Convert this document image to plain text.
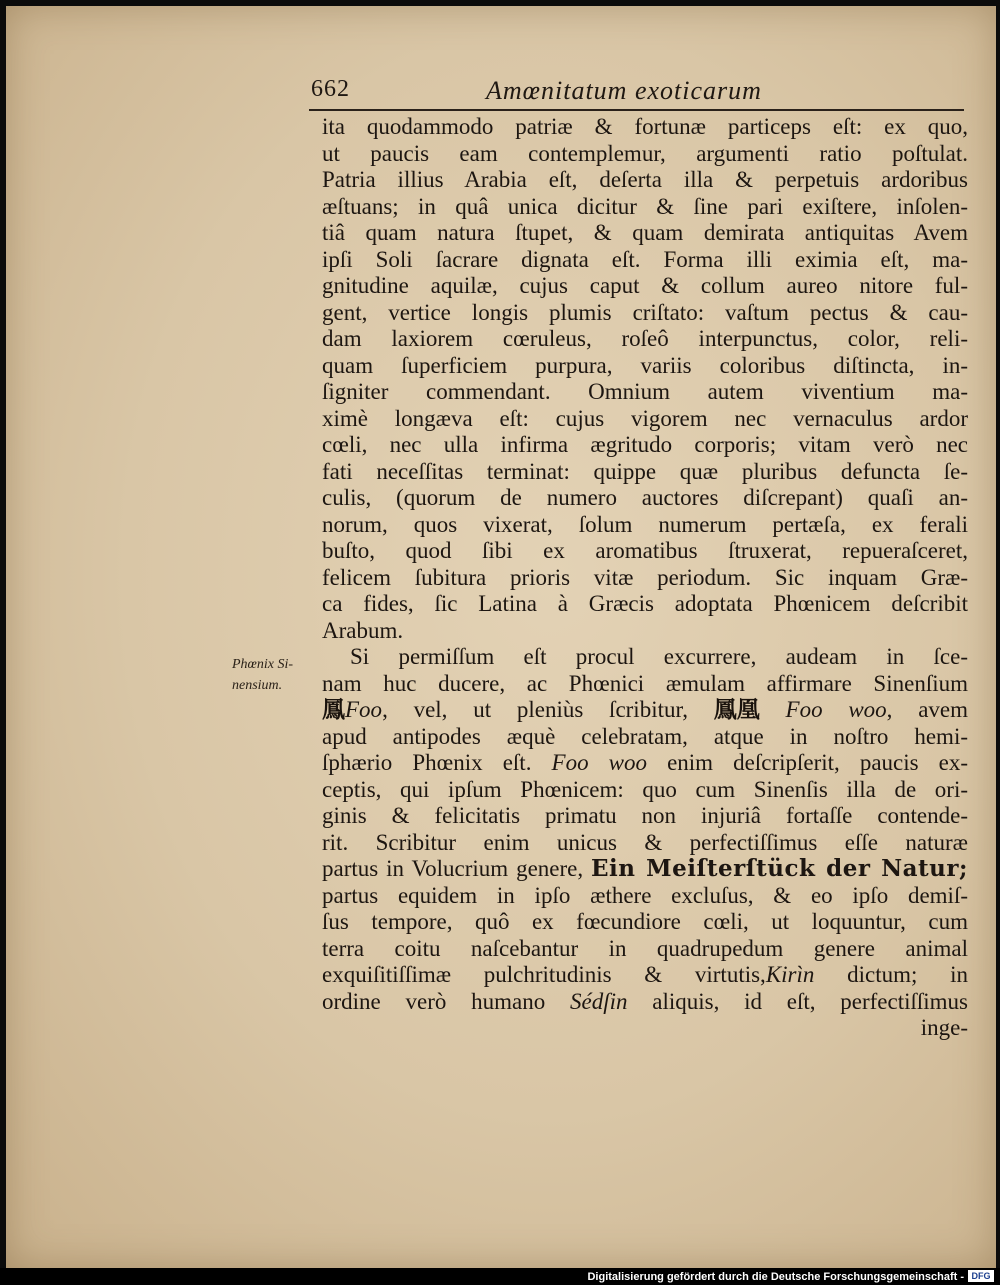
662	Amœnitatum exoticarum
Phœnix Si-
nensium.
ita quodammodo patriæ & fortunæ particeps eſt: ex quo,
ut paucis eam contemplemur, argumenti ratio poſtulat.
Patria illius Arabia eſt, deſerta illa & perpetuis ardoribus
æſtuans; in quâ unica dicitur & ſine pari exiſtere, inſolen-
tiâ quam natura ſtupet, & quam demirata antiquitas Avem
ipſi Soli ſacrare dignata eſt. Forma illi eximia eſt, ma-
gnitudine aquilæ, cujus caput & collum aureo nitore ful-
gent, vertice longis plumis criſtato: vaſtum pectus & cau-
dam laxiorem cœruleus, roſeô interpunctus, color, reli-
quam ſuperficiem purpura, variis coloribus diſtincta, in-
ſigniter commendant. Omnium autem viventium ma-
ximè longæva eſt: cujus vigorem nec vernaculus ardor
cœli, nec ulla infirma ægritudo corporis; vitam verò nec
fati neceſſitas terminat: quippe quæ pluribus defuncta ſe-
culis, (quorum de numero auctores diſcrepant) quaſi an-
norum, quos vixerat, ſolum numerum pertæſa, ex ferali
buſto, quod ſibi ex aromatibus ſtruxerat, repueraſceret,
felicem ſubitura prioris vitæ periodum. Sic inquam Græ-
ca fides, ſic Latina à Græcis adoptata Phœnicem deſcribit
Arabum.
Si permiſſum eſt procul excurrere, audeam in ſce-
nam huc ducere, ac Phœnici æmulam affirmare Sinenſium
鳳Foo, vel, ut pleniùs ſcribitur, 鳳凰 Foo woo, avem
apud antipodes æquè celebratam, atque in noſtro hemi-
ſphærio Phœnix eſt. Foo woo enim deſcripſerit, paucis ex-
ceptis, qui ipſum Phœnicem: quo cum Sinenſis illa de ori-
ginis & felicitatis primatu non injuriâ fortaſſe contende-
rit. Scribitur enim unicus & perfectiſſimus eſſe naturæ
partus in Volucrium genere, Ein Meiſterſtück der Natur;
partus equidem in ipſo æthere excluſus, & eo ipſo demiſ-
ſus tempore, quô ex fœcundiore cœli, ut loquuntur, cum
terra coitu naſcebantur in quadrupedum genere animal
exquiſitiſſimæ pulchritudinis & virtutis,Kirìn dictum; in
ordine verò humano Sédſin aliquis, id eſt, perfectiſſimus
inge-
Digitalisierung gefördert durch die Deutsche Forschungsgemeinschaft - DFG
